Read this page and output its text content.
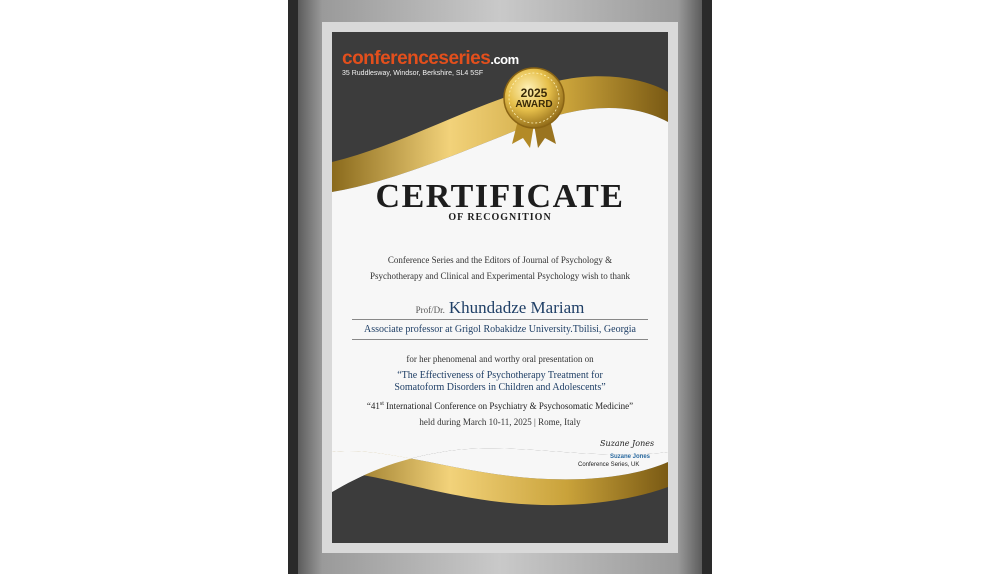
conferenceseries.com
35 Ruddlesway, Windsor, Berkshire, SL4 5SF
2025
AWARD
CERTIFICATE
OF RECOGNITION
Conference Series and the Editors of Journal of Psychology &
Psychotherapy and Clinical and Experimental Psychology wish to thank
Prof/Dr. Khundadze Mariam
Associate professor at Grigol Robakidze University.Tbilisi, Georgia
for her phenomenal and worthy oral presentation on
“The Effectiveness of Psychotherapy Treatment for
Somatoform Disorders in Children and Adolescents”
“41st International Conference on Psychiatry & Psychosomatic Medicine”
held during March 10-11, 2025 | Rome, Italy
Suzane Jones
Suzane Jones
Conference Series, UK
